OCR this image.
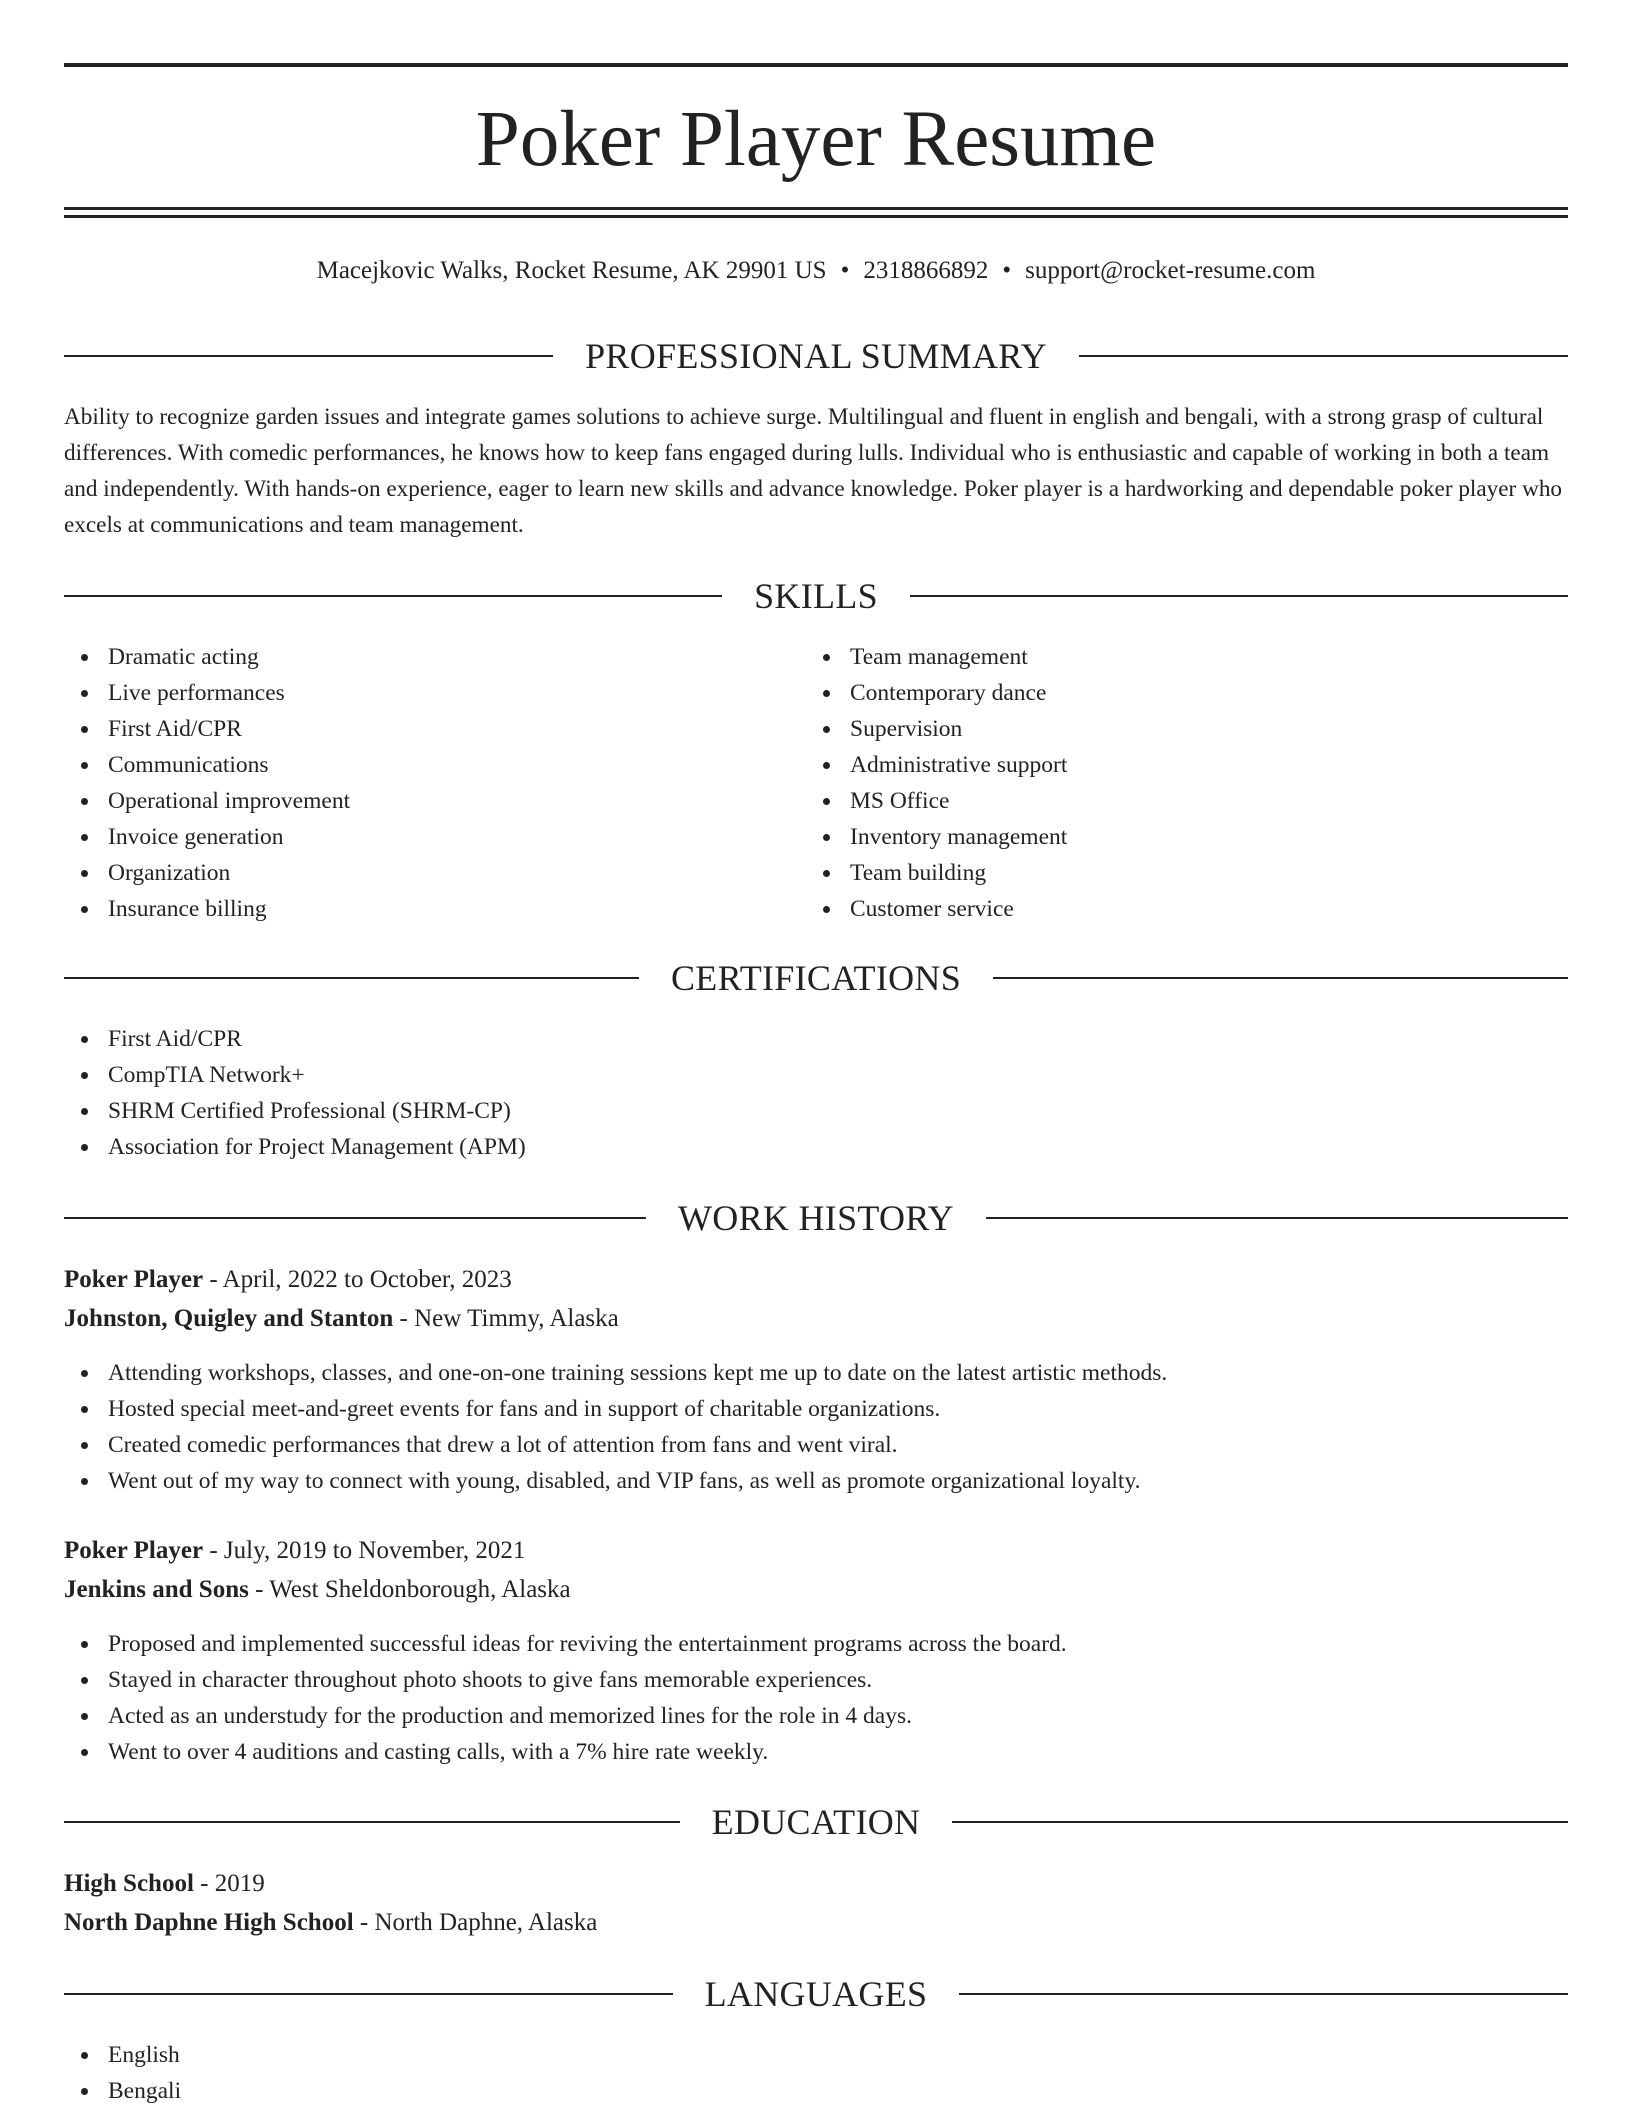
Poker Player Resume
Macejkovic Walks, Rocket Resume, AK 29901 US • 2318866892 • support@rocket-resume.com
PROFESSIONAL SUMMARY

Ability to recognize garden issues and integrate games solutions to achieve surge. Multilingual and fluent in english and bengali, with a strong grasp of cultural differences. With comedic performances, he knows how to keep fans engaged during lulls. Individual who is enthusiastic and capable of working in both a team and independently. With hands-on experience, eager to learn new skills and advance knowledge. Poker player is a hardworking and dependable poker player who excels at communications and team management.

SKILLS
Dramatic acting
Live performances
First Aid/CPR
Communications
Operational improvement
Invoice generation
Organization
Insurance billing
Team management
Contemporary dance
Supervision
Administrative support
MS Office
Inventory management
Team building
Customer service
CERTIFICATIONS
First Aid/CPR
CompTIA Network+
SHRM Certified Professional (SHRM-CP)
Association for Project Management (APM)
WORK HISTORY
Poker Player - April, 2022 to October, 2023
Johnston, Quigley and Stanton - New Timmy, Alaska
Attending workshops, classes, and one-on-one training sessions kept me up to date on the latest artistic methods.
Hosted special meet-and-greet events for fans and in support of charitable organizations.
Created comedic performances that drew a lot of attention from fans and went viral.
Went out of my way to connect with young, disabled, and VIP fans, as well as promote organizational loyalty.
Poker Player - July, 2019 to November, 2021
Jenkins and Sons - West Sheldonborough, Alaska
Proposed and implemented successful ideas for reviving the entertainment programs across the board.
Stayed in character throughout photo shoots to give fans memorable experiences.
Acted as an understudy for the production and memorized lines for the role in 4 days.
Went to over 4 auditions and casting calls, with a 7% hire rate weekly.
EDUCATION
High School - 2019
North Daphne High School - North Daphne, Alaska
LANGUAGES
English
Bengali
